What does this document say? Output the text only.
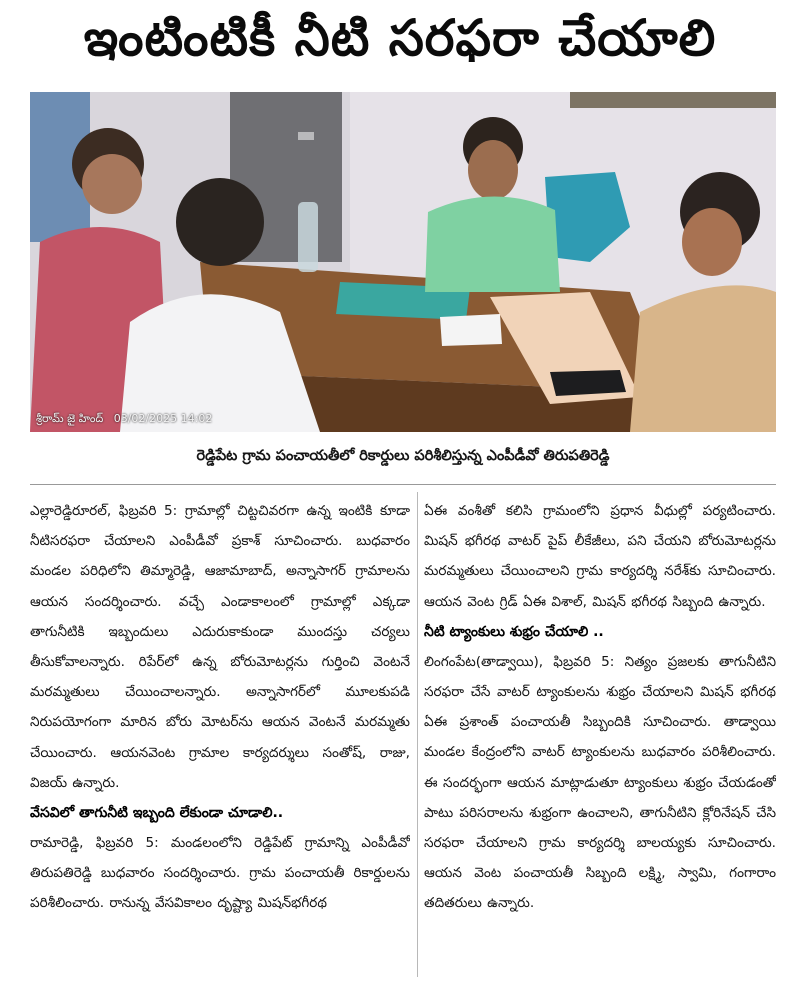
ఇంటింటికీ నీటి సరఫరా చేయాలి
శ్రీరామ్ జై హింద్ 03/02/2025 14:02
రెడ్డిపేట గ్రామ పంచాయతీలో రికార్డులు పరిశీలిస్తున్న ఎంపీడీవో తిరుపతిరెడ్డి

ఎల్లారెడ్డిరూరల్, ఫిబ్రవరి 5: గ్రామాల్లో చిట్టచివరగా ఉన్న ఇంటికి కూడా నీటిసరఫరా చేయాలని ఎంపీడీవో ప్రకాశ్ సూచించారు. బుధవారం మండల పరిధిలోని తిమ్మారెడ్డి, ఆజామాబాద్, అన్నాసాగర్ గ్రామాలను ఆయన సందర్శించారు. వచ్చే ఎండాకాలంలో గ్రామాల్లో ఎక్కడా తాగునీటికి ఇబ్బందులు ఎదురుకాకుండా ముందస్తు చర్యలు తీసుకోవాలన్నారు. రిపేర్‌లో ఉన్న బోరుమోటర్లను గుర్తించి వెంటనే మరమ్మతులు చేయించాలన్నారు. అన్నాసాగర్‌లో మూలకుపడి నిరుపయోగంగా మారిన బోరు మోటర్‌ను ఆయన వెంటనే మరమ్మతు చేయించారు. ఆయనవెంట గ్రామాల కార్యదర్శులు సంతోష్, రాజు, విజయ్ ఉన్నారు.

వేసవిలో తాగునీటి ఇబ్బంది లేకుండా చూడాలి..

రామారెడ్డి, ఫిబ్రవరి 5: మండలంలోని రెడ్డిపేట్ గ్రామాన్ని ఎంపీడీవో తిరుపతిరెడ్డి బుధవారం సందర్శించారు. గ్రామ పంచాయతీ రికార్డులను పరిశీలించారు. రానున్న వేసవికాలం దృష్ట్యా మిషన్‌భగీరథ

ఏఈ వంశీతో కలిసి గ్రామంలోని ప్రధాన వీధుల్లో పర్యటించారు. మిషన్ భగీరథ వాటర్ పైప్ లీకేజీలు, పని చేయని బోరుమోటర్లను మరమ్మతులు చేయించాలని గ్రామ కార్యదర్శి నరేశ్‌కు సూచించారు. ఆయన వెంట గ్రిడ్ ఏఈ విశాల్, మిషన్ భగీరథ సిబ్బంది ఉన్నారు.

నీటి ట్యాంకులు శుభ్రం చేయాలి ..

లింగంపేట(తాడ్వాయి), ఫిబ్రవరి 5: నిత్యం ప్రజలకు తాగునీటిని సరఫరా చేసే వాటర్ ట్యాంకులను శుభ్రం చేయాలని మిషన్ భగీరథ ఏఈ ప్రశాంత్ పంచాయతీ సిబ్బందికి సూచించారు. తాడ్వాయి మండల కేంద్రంలోని వాటర్ ట్యాంకులను బుధవారం పరిశీలించారు. ఈ సందర్భంగా ఆయన మాట్లాడుతూ ట్యాంకులు శుభ్రం చేయడంతో పాటు పరిసరాలను శుభ్రంగా ఉంచాలని, తాగునీటిని క్లోరినేషన్ చేసి సరఫరా చేయాలని గ్రామ కార్యదర్శి బాలయ్యకు సూచించారు. ఆయన వెంట పంచాయతీ సిబ్బంది లక్ష్మి, స్వామి, గంగారాం తదితరులు ఉన్నారు.
